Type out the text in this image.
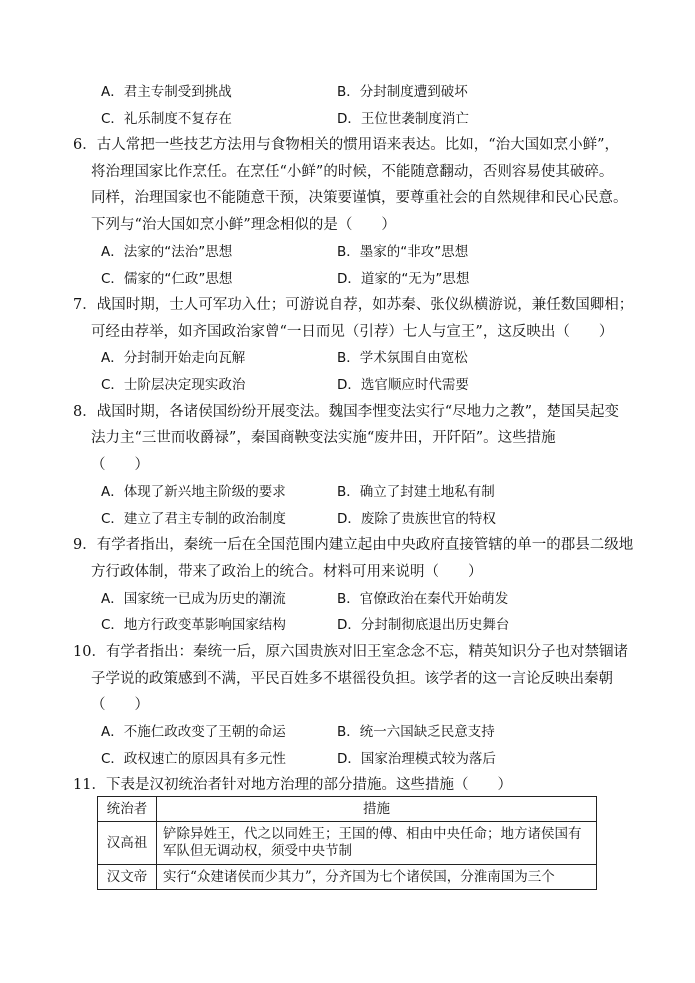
A．君主专制受到挑战	B．分封制度遭到破坏
C．礼乐制度不复存在	D．王位世袭制度消亡
6．古人常把一些技艺方法用与食物相关的惯用语来表达。比如，“治大国如烹小鲜”，
将治理国家比作烹任。在烹任“小鲜”的时候，不能随意翻动，否则容易使其破碎。
同样，治理国家也不能随意干预，决策要谨慎，要尊重社会的自然规律和民心民意。
下列与“治大国如烹小鲜”理念相似的是（　　）
A．法家的“法治”思想	B．墨家的“非攻”思想
C．儒家的“仁政”思想	D．道家的“无为”思想
7．战国时期，士人可军功入仕；可游说自荐，如苏秦、张仪纵横游说，兼任数国卿相；
可经由荐举，如齐国政治家曾“一日而见（引荐）七人与宣王”，这反映出（　　）
A．分封制开始走向瓦解	B．学术氛围自由宽松
C．士阶层决定现实政治	D．选官顺应时代需要
8．战国时期，各诸侯国纷纷开展变法。魏国李悝变法实行“尽地力之教”，楚国吴起变
法力主“三世而收爵禄”，秦国商鞅变法实施“废井田，开阡陌”。这些措施
（　　）
A．体现了新兴地主阶级的要求	B．确立了封建土地私有制
C．建立了君主专制的政治制度	D．废除了贵族世官的特权
9．有学者指出，秦统一后在全国范围内建立起由中央政府直接管辖的单一的郡县二级地
方行政体制，带来了政治上的统合。材料可用来说明（　　）
A．国家统一已成为历史的潮流	B．官僚政治在秦代开始萌发
C．地方行政变革影响国家结构	D．分封制彻底退出历史舞台
10．有学者指出：秦统一后，原六国贵族对旧王室念念不忘，精英知识分子也对禁锢诸
子学说的政策感到不满，平民百姓多不堪徭役负担。该学者的这一言论反映出秦朝
（　　）
A．不施仁政改变了王朝的命运	B．统一六国缺乏民意支持
C．政权速亡的原因具有多元性	D．国家治理模式较为落后
11．下表是汉初统治者针对地方治理的部分措施。这些措施（　　）
统治者	措施
汉高祖	铲除异姓王，代之以同姓王；王国的傅、相由中央任命；地方诸侯国有军队但无调动权，须受中央节制
汉文帝	实行“众建诸侯而少其力”，分齐国为七个诸侯国，分淮南国为三个
